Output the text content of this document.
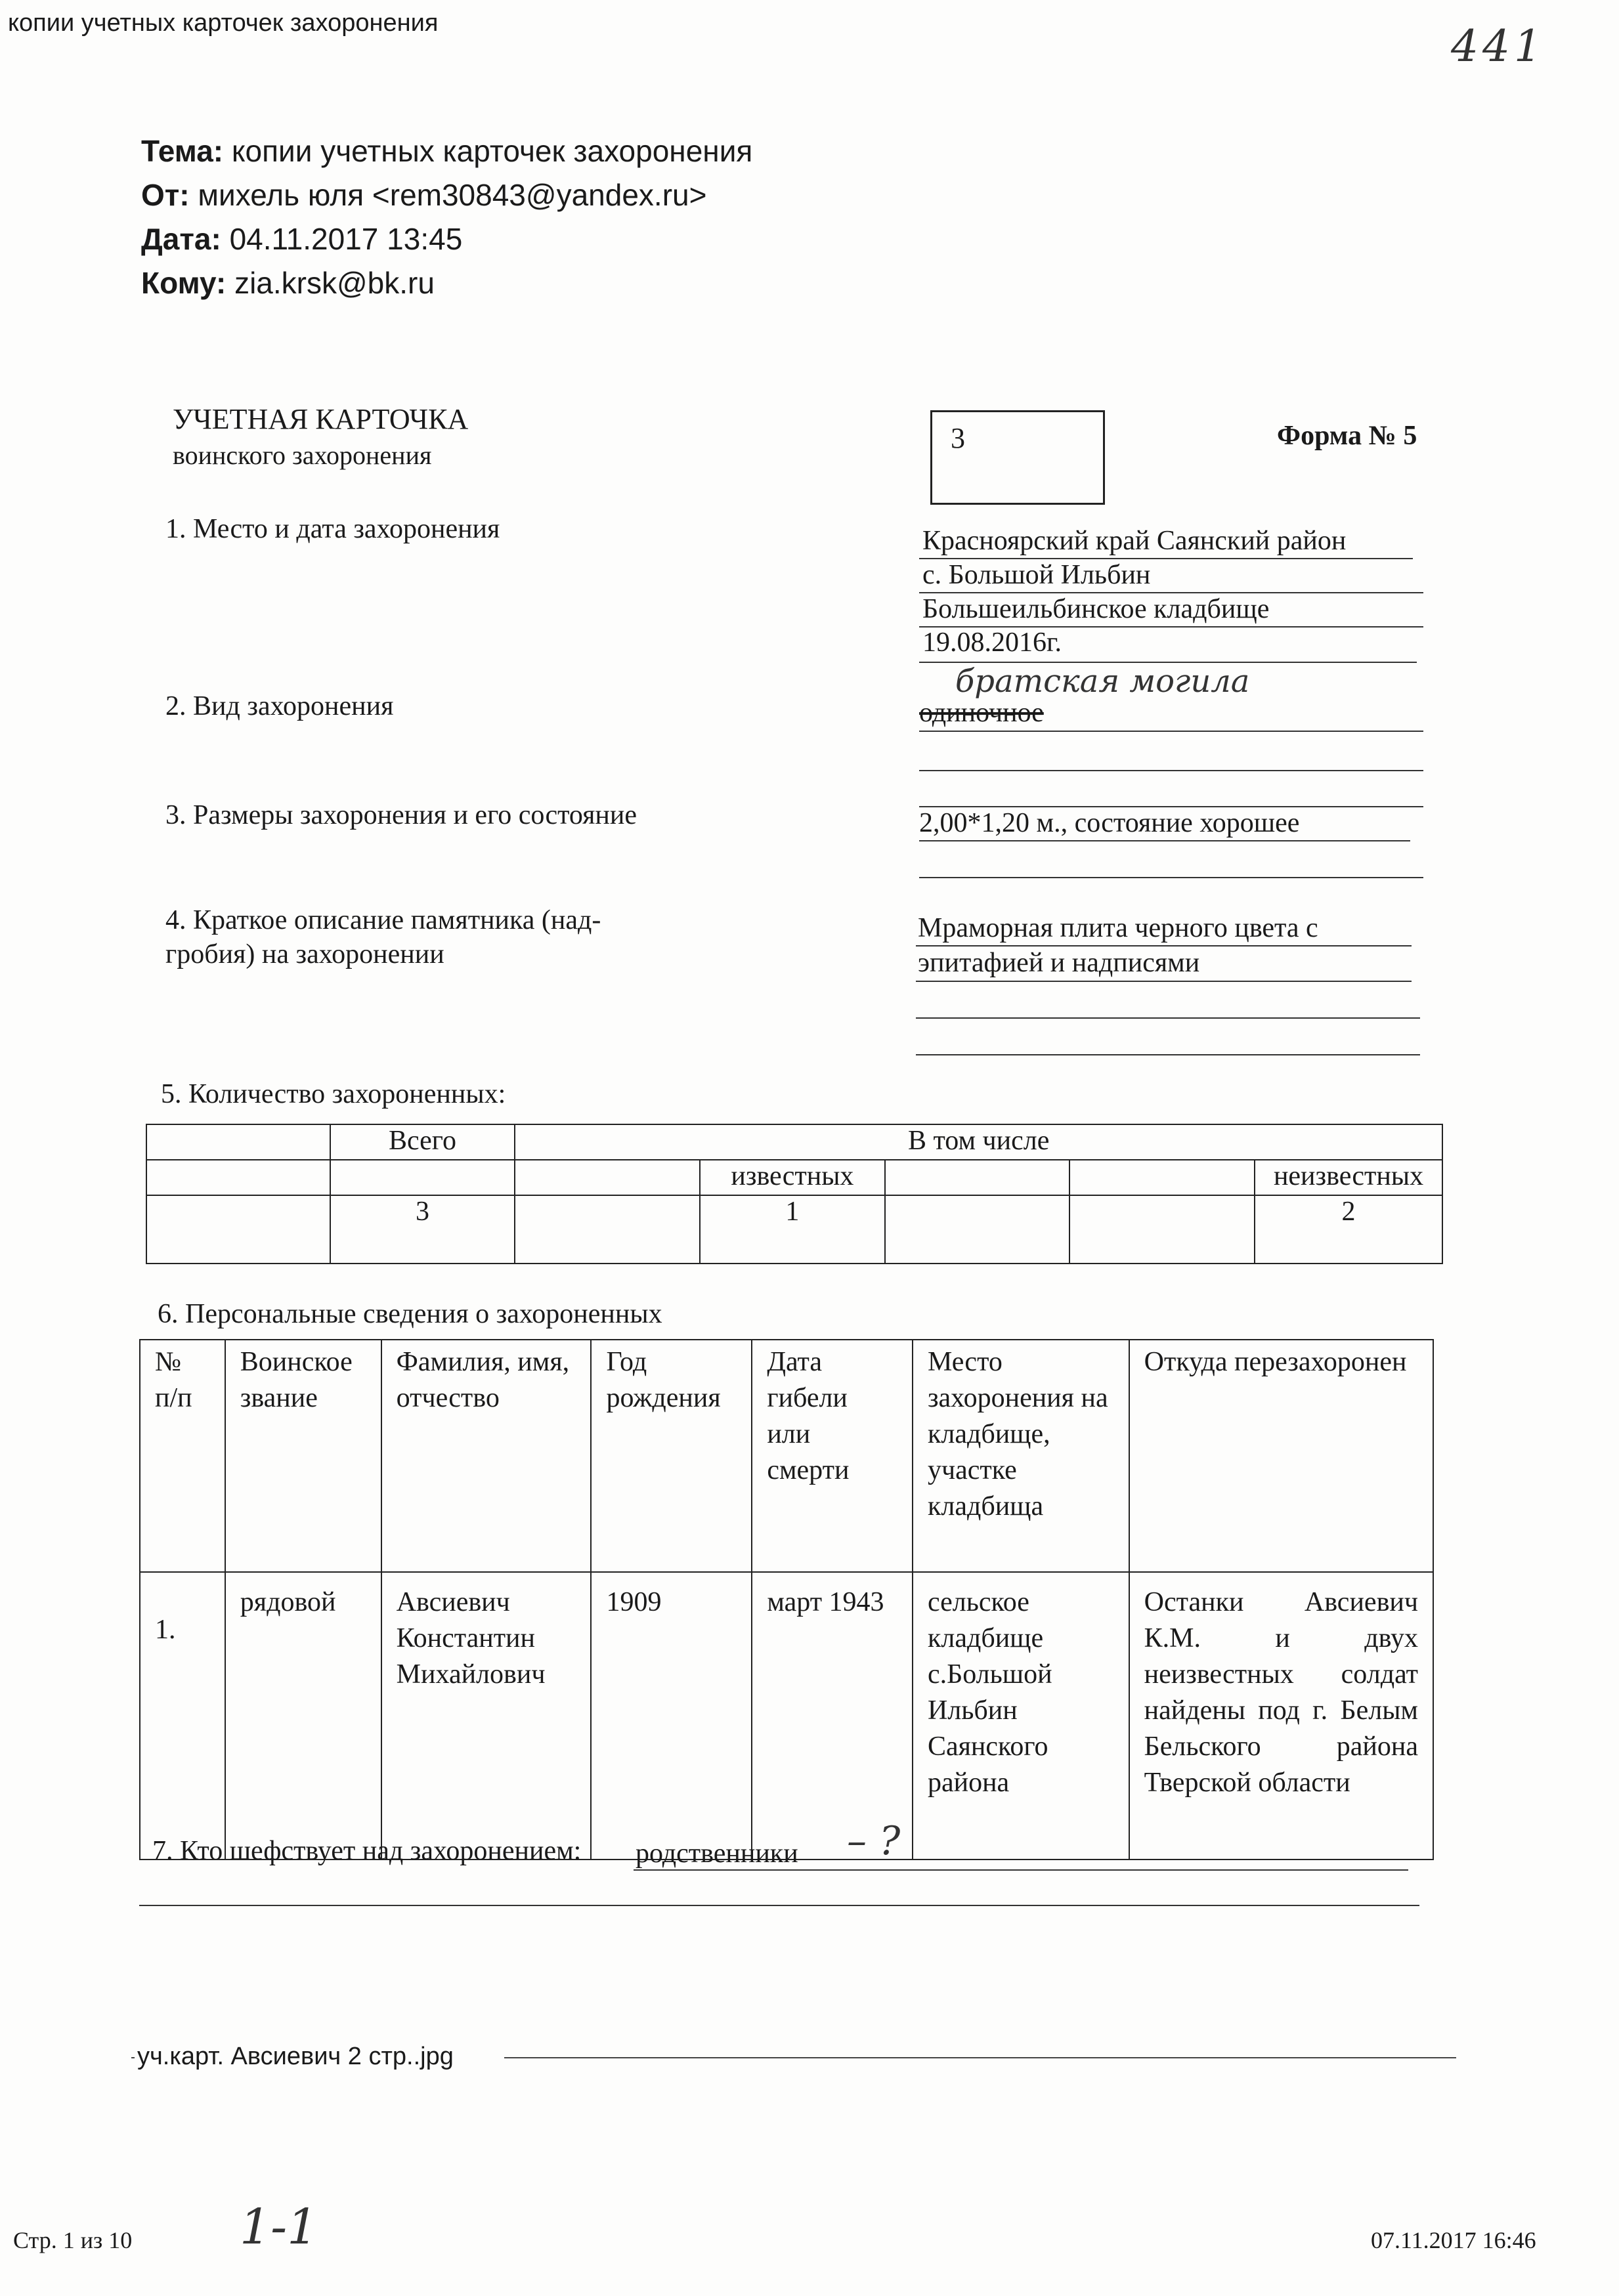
копии учетных карточек захоронения	441
Тема: копии учетных карточек захоронения
От: михель юля <rem30843@yandex.ru>
Дата: 04.11.2017 13:45
Кому: zia.krsk@bk.ru
УЧЕТНАЯ КАРТОЧКА
воинского захоронения
3	Форма № 5
1. Место и дата захоронения	Красноярский край Саянский район
с. Большой Ильбин
Большеильбинское кладбище
19.08.2016г.
2. Вид захоронения
братская могила
одиночное
3. Размеры захоронения и его состояние	2,00*1,20 м., состояние хорошее
4. Краткое описание памятника (над-
гробия) на захоронении
Мраморная плита черного цвета с
эпитафией и надписями
5. Количество захороненных:
	Всего	В том числе				
			известных			неизвестных
	3		1			2
6. Персональные сведения о захороненных
№ п/п	Воинское звание	Фамилия, имя, отчество	Год рождения	Дата гибели или смерти	Место захоронения на кладбище, участке кладбища	Откуда перезахоронен
1.	рядовой	Авсиевич Константин Михайлович	1909	март 1943	сельское кладбище с.Большой Ильбин Саянского района	Останки Авсиевич К.М. и двух неизвестных солдат найдены под г. Белым Бельского района Тверской области
7. Кто шефствует над захоронением: родственники – ?
уч.карт. Авсиевич 2 стр..jpg
Стр. 1 из 10 1-1	07.11.2017 16:46
